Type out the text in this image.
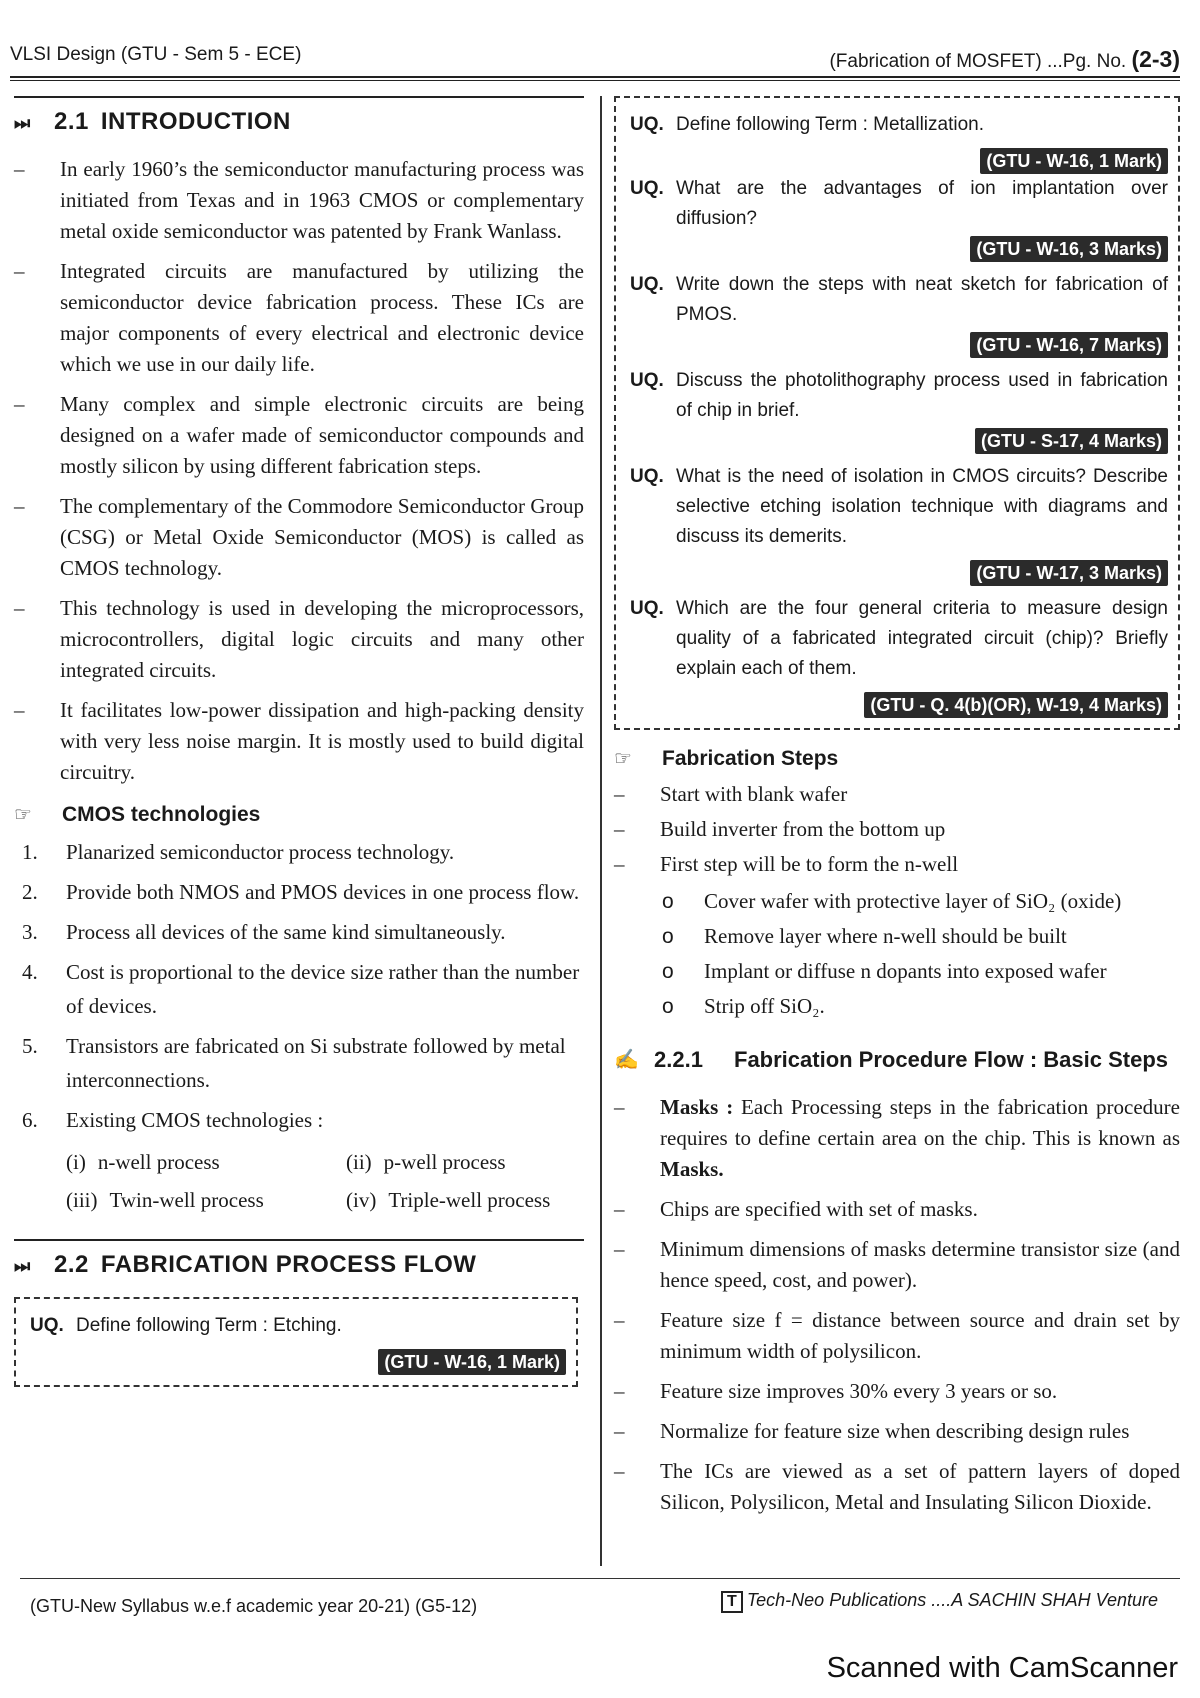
VLSI Design (GTU - Sem 5 - ECE)	(Fabrication of MOSFET) ...Pg. No. (2-3)
⏭ 2.1 INTRODUCTION
– In early 1960’s the semiconductor manufacturing process was initiated from Texas and in 1963 CMOS or complementary metal oxide semiconductor was patented by Frank Wanlass.
– Integrated circuits are manufactured by utilizing the semiconductor device fabrication process. These ICs are major components of every electrical and electronic device which we use in our daily life.
– Many complex and simple electronic circuits are being designed on a wafer made of semiconductor compounds and mostly silicon by using different fabrication steps.
– The complementary of the Commodore Semiconductor Group (CSG) or Metal Oxide Semiconductor (MOS) is called as CMOS technology.
– This technology is used in developing the microprocessors, microcontrollers, digital logic circuits and many other integrated circuits.
– It facilitates low-power dissipation and high-packing density with very less noise margin. It is mostly used to build digital circuitry.
☞ CMOS technologies
1. Planarized semiconductor process technology.
2. Provide both NMOS and PMOS devices in one process flow.
3. Process all devices of the same kind simultaneously.
4. Cost is proportional to the device size rather than the number of devices.
5. Transistors are fabricated on Si substrate followed by metal interconnections.
6. Existing CMOS technologies :
(i) n-well process	(ii) p-well process
(iii) Twin-well process	(iv) Triple-well process
⏭ 2.2 FABRICATION PROCESS FLOW
UQ. Define following Term : Etching.
(GTU - W-16, 1 Mark)
UQ. Define following Term : Metallization.
(GTU - W-16, 1 Mark)
UQ. What are the advantages of ion implantation over diffusion?
(GTU - W-16, 3 Marks)
UQ. Write down the steps with neat sketch for fabrication of PMOS.
(GTU - W-16, 7 Marks)
UQ. Discuss the photolithography process used in fabrication of chip in brief.
(GTU - S-17, 4 Marks)
UQ. What is the need of isolation in CMOS circuits? Describe selective etching isolation technique with diagrams and discuss its demerits.
(GTU - W-17, 3 Marks)
UQ. Which are the four general criteria to measure design quality of a fabricated integrated circuit (chip)? Briefly explain each of them.
(GTU - Q. 4(b)(OR), W-19, 4 Marks)
☞ Fabrication Steps
– Start with blank wafer
– Build inverter from the bottom up
– First step will be to form the n-well
o Cover wafer with protective layer of SiO₂ (oxide)
o Remove layer where n-well should be built
o Implant or diffuse n dopants into exposed wafer
o Strip off SiO₂.
✍ 2.2.1 Fabrication Procedure Flow : Basic Steps
– Masks : Each Processing steps in the fabrication procedure requires to define certain area on the chip. This is known as Masks.
– Chips are specified with set of masks.
– Minimum dimensions of masks determine transistor size (and hence speed, cost, and power).
– Feature size f = distance between source and drain set by minimum width of polysilicon.
– Feature size improves 30% every 3 years or so.
– Normalize for feature size when describing design rules
– The ICs are viewed as a set of pattern layers of doped Silicon, Polysilicon, Metal and Insulating Silicon Dioxide.
(GTU-New Syllabus w.e.f academic year 20-21) (G5-12)	T Tech-Neo Publications ....A SACHIN SHAH Venture
Scanned with CamScanner
